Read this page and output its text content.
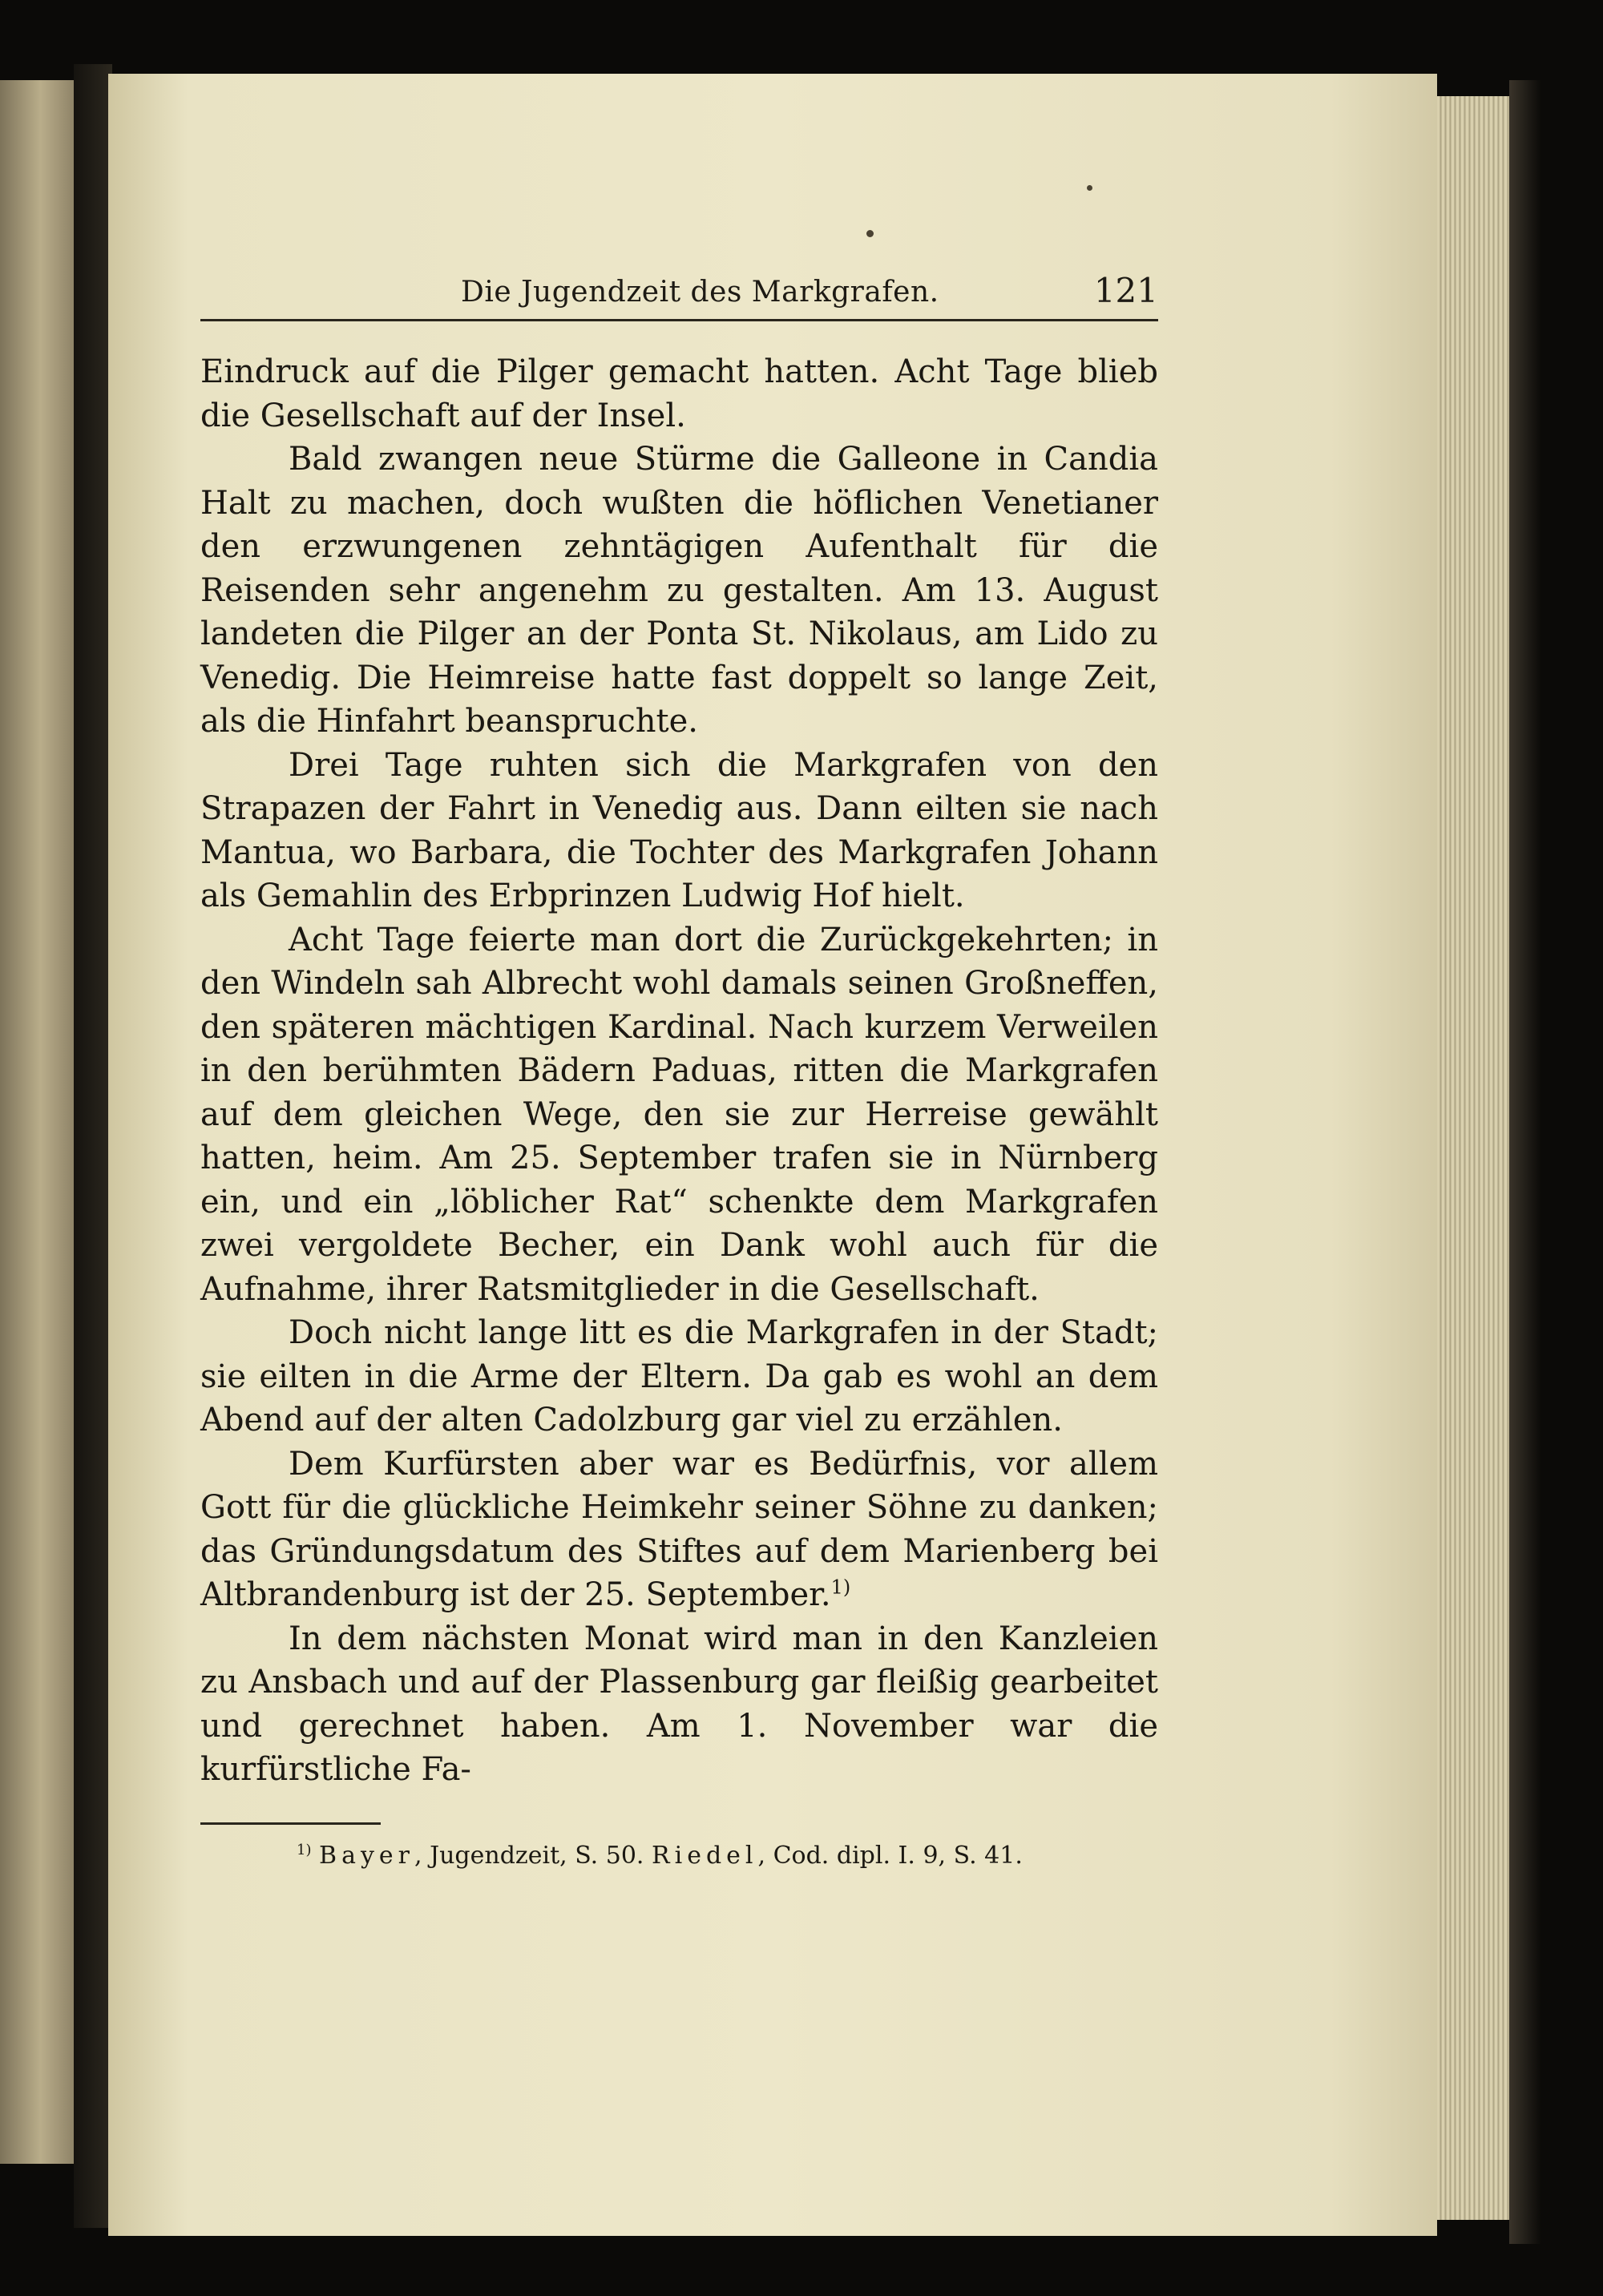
Die Jugendzeit des Markgrafen.	121

Eindruck auf die Pilger gemacht hatten. Acht Tage blieb die Gesellschaft auf der Insel.

Bald zwangen neue Stürme die Galleone in Candia Halt zu machen, doch wußten die höflichen Venetianer den erzwungenen zehntägigen Aufenthalt für die Reisenden sehr angenehm zu gestalten. Am 13. August landeten die Pilger an der Ponta St. Nikolaus, am Lido zu Venedig. Die Heimreise hatte fast doppelt so lange Zeit, als die Hinfahrt beanspruchte.

Drei Tage ruhten sich die Markgrafen von den Strapazen der Fahrt in Venedig aus. Dann eilten sie nach Mantua, wo Barbara, die Tochter des Markgrafen Johann als Gemahlin des Erbprinzen Ludwig Hof hielt.

Acht Tage feierte man dort die Zurückgekehrten; in den Windeln sah Albrecht wohl damals seinen Großneffen, den späteren mächtigen Kardinal. Nach kurzem Verweilen in den berühmten Bädern Paduas, ritten die Markgrafen auf dem gleichen Wege, den sie zur Herreise gewählt hatten, heim. Am 25. September trafen sie in Nürnberg ein, und ein „löblicher Rat“ schenkte dem Markgrafen zwei vergoldete Becher, ein Dank wohl auch für die Aufnahme, ihrer Ratsmitglieder in die Gesellschaft.

Doch nicht lange litt es die Markgrafen in der Stadt; sie eilten in die Arme der Eltern. Da gab es wohl an dem Abend auf der alten Cadolzburg gar viel zu erzählen.

Dem Kurfürsten aber war es Bedürfnis, vor allem Gott für die glückliche Heimkehr seiner Söhne zu danken; das Gründungsdatum des Stiftes auf dem Marienberg bei Altbrandenburg ist der 25. September.$^{1)}$

In dem nächsten Monat wird man in den Kanzleien zu Ansbach und auf der Plassenburg gar fleißig gearbeitet und gerechnet haben. Am 1. November war die kurfürstliche Fa-

$^{1)}$ Bayer, Jugendzeit, S. 50. Riedel, Cod. dipl. I. 9, S. 41.
